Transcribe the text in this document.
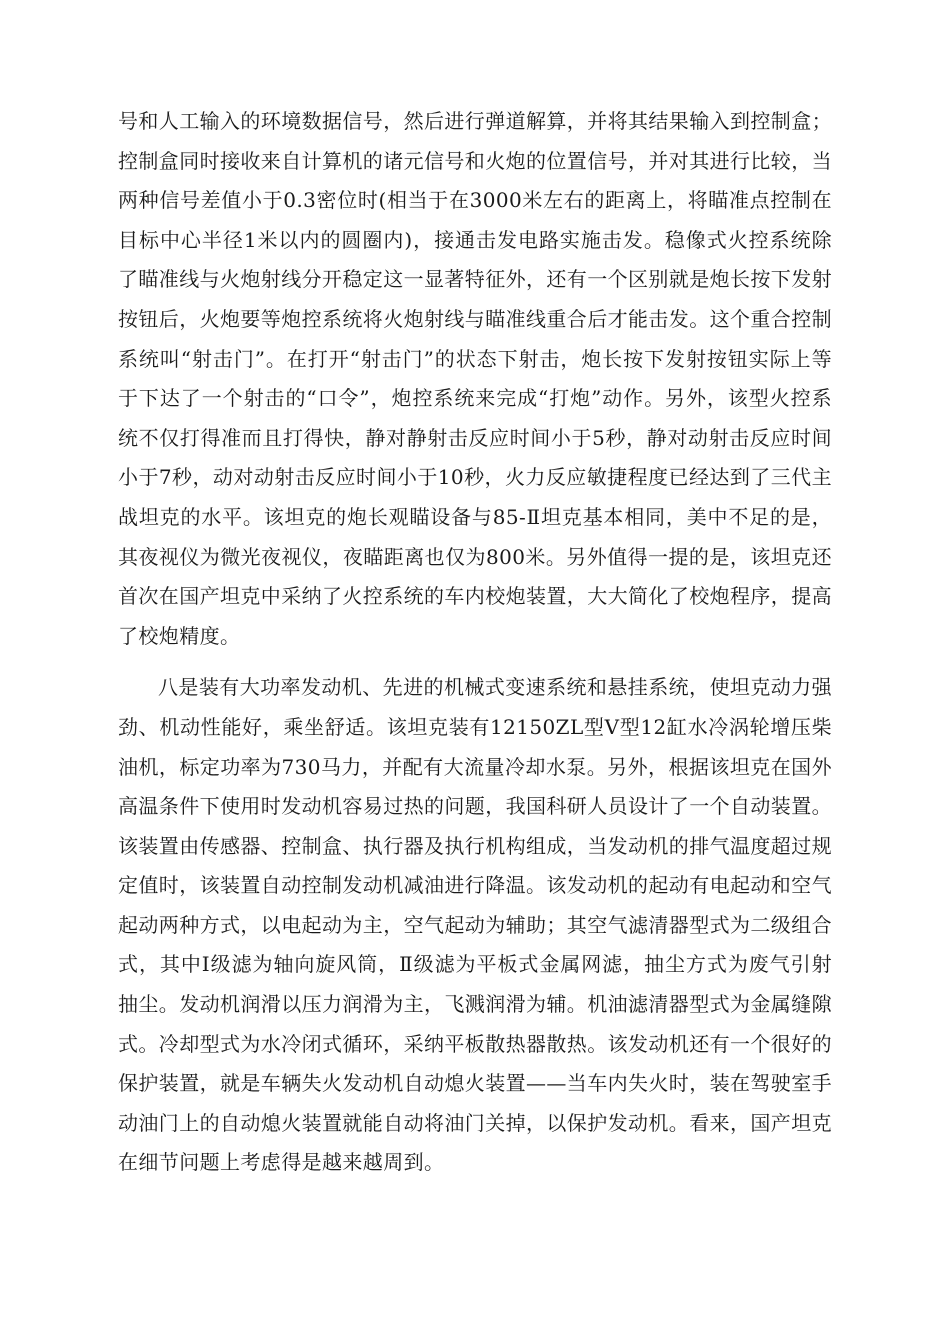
号和人工输入的环境数据信号，然后进行弹道解算，并将其结果输入到控制盒；控制盒同时接收来自计算机的诸元信号和火炮的位置信号，并对其进行比较，当两种信号差值小于0.3密位时(相当于在3000米左右的距离上，将瞄准点控制在目标中心半径1米以内的圆圈内)，接通击发电路实施击发。稳像式火控系统除了瞄准线与火炮射线分开稳定这一显著特征外，还有一个区别就是炮长按下发射按钮后，火炮要等炮控系统将火炮射线与瞄准线重合后才能击发。这个重合控制系统叫“射击门”。在打开“射击门”的状态下射击，炮长按下发射按钮实际上等于下达了一个射击的“口令”，炮控系统来完成“打炮”动作。另外，该型火控系统不仅打得准而且打得快，静对静射击反应时间小于5秒，静对动射击反应时间小于7秒，动对动射击反应时间小于10秒，火力反应敏捷程度已经达到了三代主战坦克的水平。该坦克的炮长观瞄设备与85-Ⅱ坦克基本相同，美中不足的是，其夜视仪为微光夜视仪，夜瞄距离也仅为800米。另外值得一提的是，该坦克还首次在国产坦克中采纳了火控系统的车内校炮装置，大大简化了校炮程序，提高了校炮精度。

八是装有大功率发动机、先进的机械式变速系统和悬挂系统，使坦克动力强劲、机动性能好，乘坐舒适。该坦克装有12150ZL型Ⅴ型12缸水冷涡轮增压柴油机，标定功率为730马力，并配有大流量冷却水泵。另外，根据该坦克在国外高温条件下使用时发动机容易过热的问题，我国科研人员设计了一个自动装置。该装置由传感器、控制盒、执行器及执行机构组成，当发动机的排气温度超过规定值时，该装置自动控制发动机减油进行降温。该发动机的起动有电起动和空气起动两种方式，以电起动为主，空气起动为辅助；其空气滤清器型式为二级组合式，其中Ⅰ级滤为轴向旋风筒，Ⅱ级滤为平板式金属网滤，抽尘方式为废气引射抽尘。发动机润滑以压力润滑为主，飞溅润滑为辅。机油滤清器型式为金属缝隙式。冷却型式为水冷闭式循环，采纳平板散热器散热。该发动机还有一个很好的保护装置，就是车辆失火发动机自动熄火装置——当车内失火时，装在驾驶室手动油门上的自动熄火装置就能自动将油门关掉，以保护发动机。看来，国产坦克在细节问题上考虑得是越来越周到。
